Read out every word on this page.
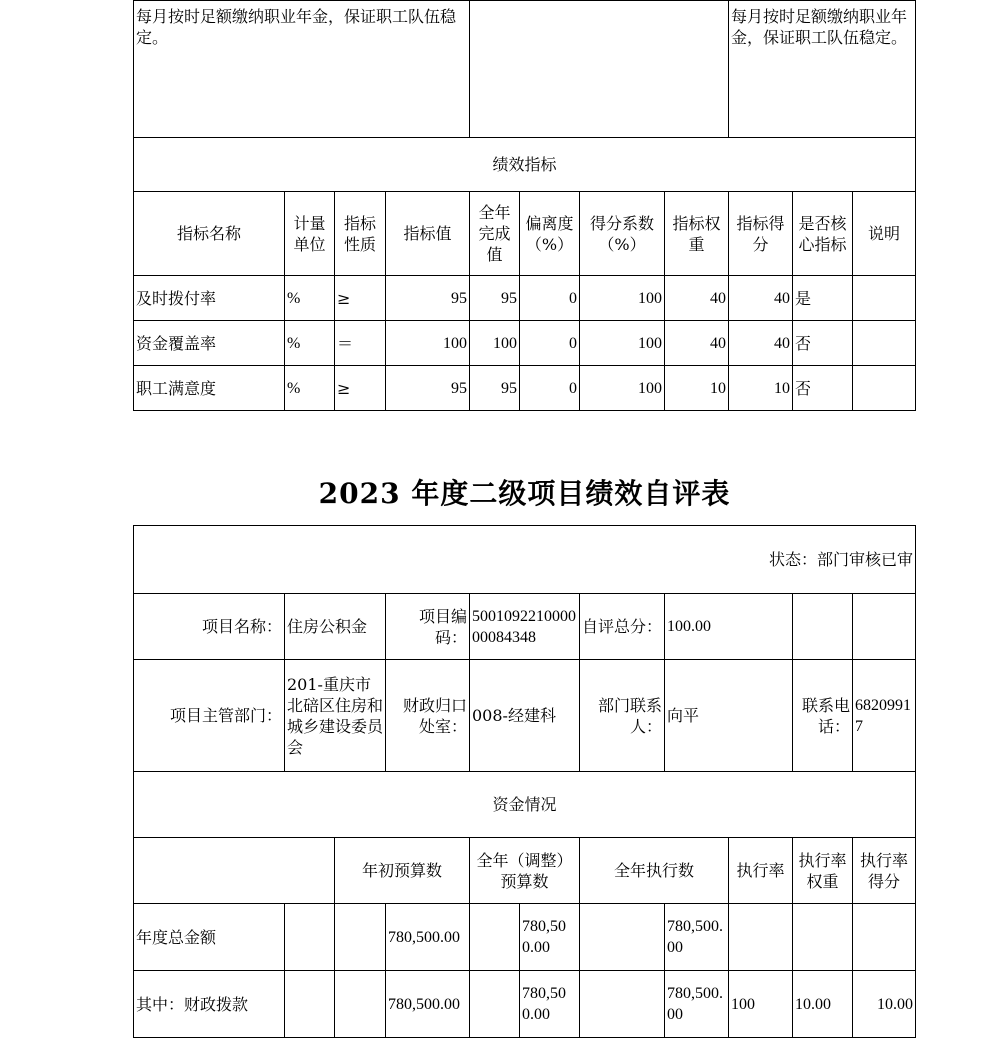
每月按时足额缴纳职业年金，保证职工队伍稳定。								每月按时足额缴纳职业年金，保证职工队伍稳定。		
绩效指标										
指标名称	计量单位	指标性质	指标值	全年完成值	偏离度（%）	得分系数（%）	指标权重	指标得分	是否核心指标	说明
及时拨付率	%	≥	95	95	0	100	40	40	是	
资金覆盖率	%	＝	100	100	0	100	40	40	否	
职工满意度	%	≥	95	95	0	100	10	10	否	
2023 年度二级项目绩效自评表
状态：部门审核已审										
项目名称：	住房公积金		项目编码：	500109221000000084348		自评总分：	100.00			
项目主管部门：	201-重庆市北碚区住房和城乡建设委员会		财政归口处室：	008-经建科		部门联系人：	向平		联系电话：	68209917
资金情况										
		年初预算数		全年（调整）预算数		全年执行数		执行率	执行率权重	执行率得分
年度总金额			780,500.00		780,500.00		780,500.00			
其中：财政拨款			780,500.00		780,500.00		780,500.00	100	10.00	10.00
